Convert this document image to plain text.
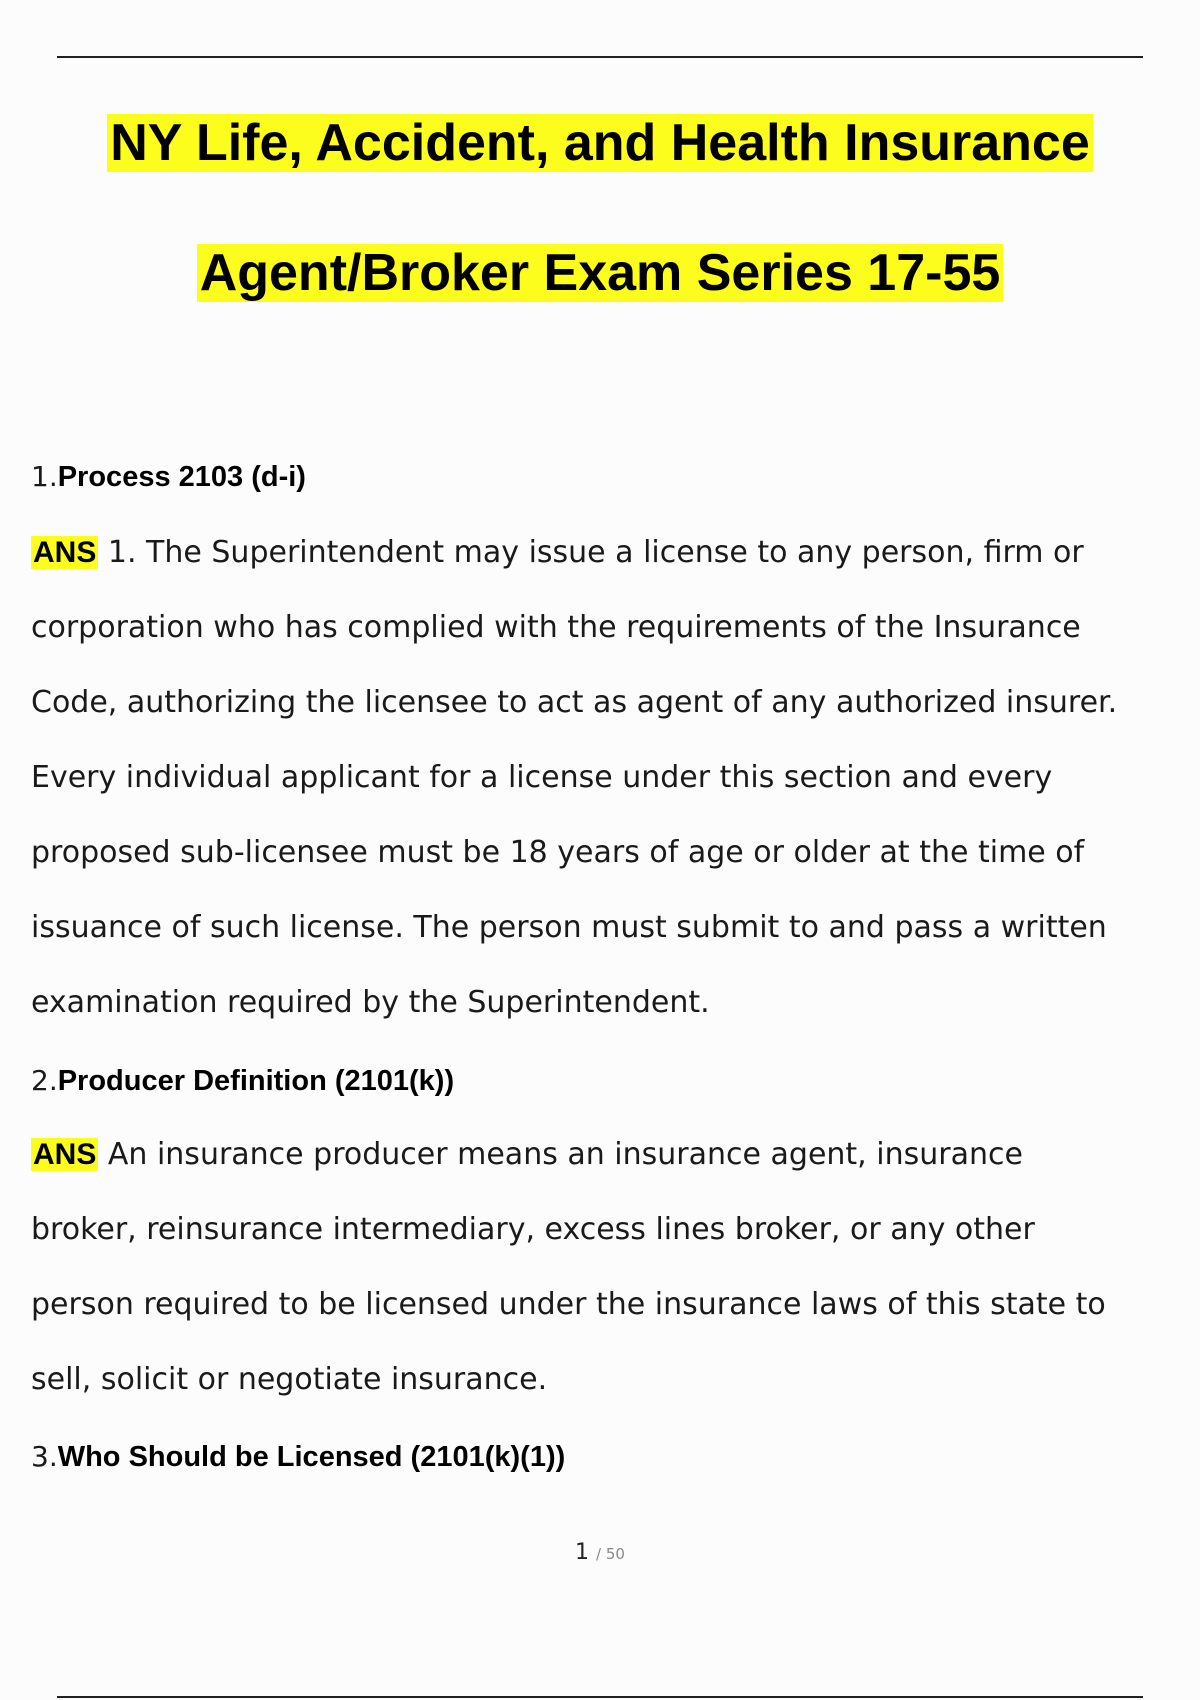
NY Life, Accident, and Health Insurance
Agent/Broker Exam Series 17-55
1.Process 2103 (d-i)
ANS 1. The Superintendent may issue a license to any person, firm or
corporation who has complied with the requirements of the Insurance
Code, authorizing the licensee to act as agent of any authorized insurer.
Every individual applicant for a license under this section and every
proposed sub-licensee must be 18 years of age or older at the time of
issuance of such license. The person must submit to and pass a written
examination required by the Superintendent.
2.Producer Definition (2101(k))
ANS An insurance producer means an insurance agent, insurance
broker, reinsurance intermediary, excess lines broker, or any other
person required to be licensed under the insurance laws of this state to
sell, solicit or negotiate insurance.
3.Who Should be Licensed (2101(k)(1))
1 / 50
